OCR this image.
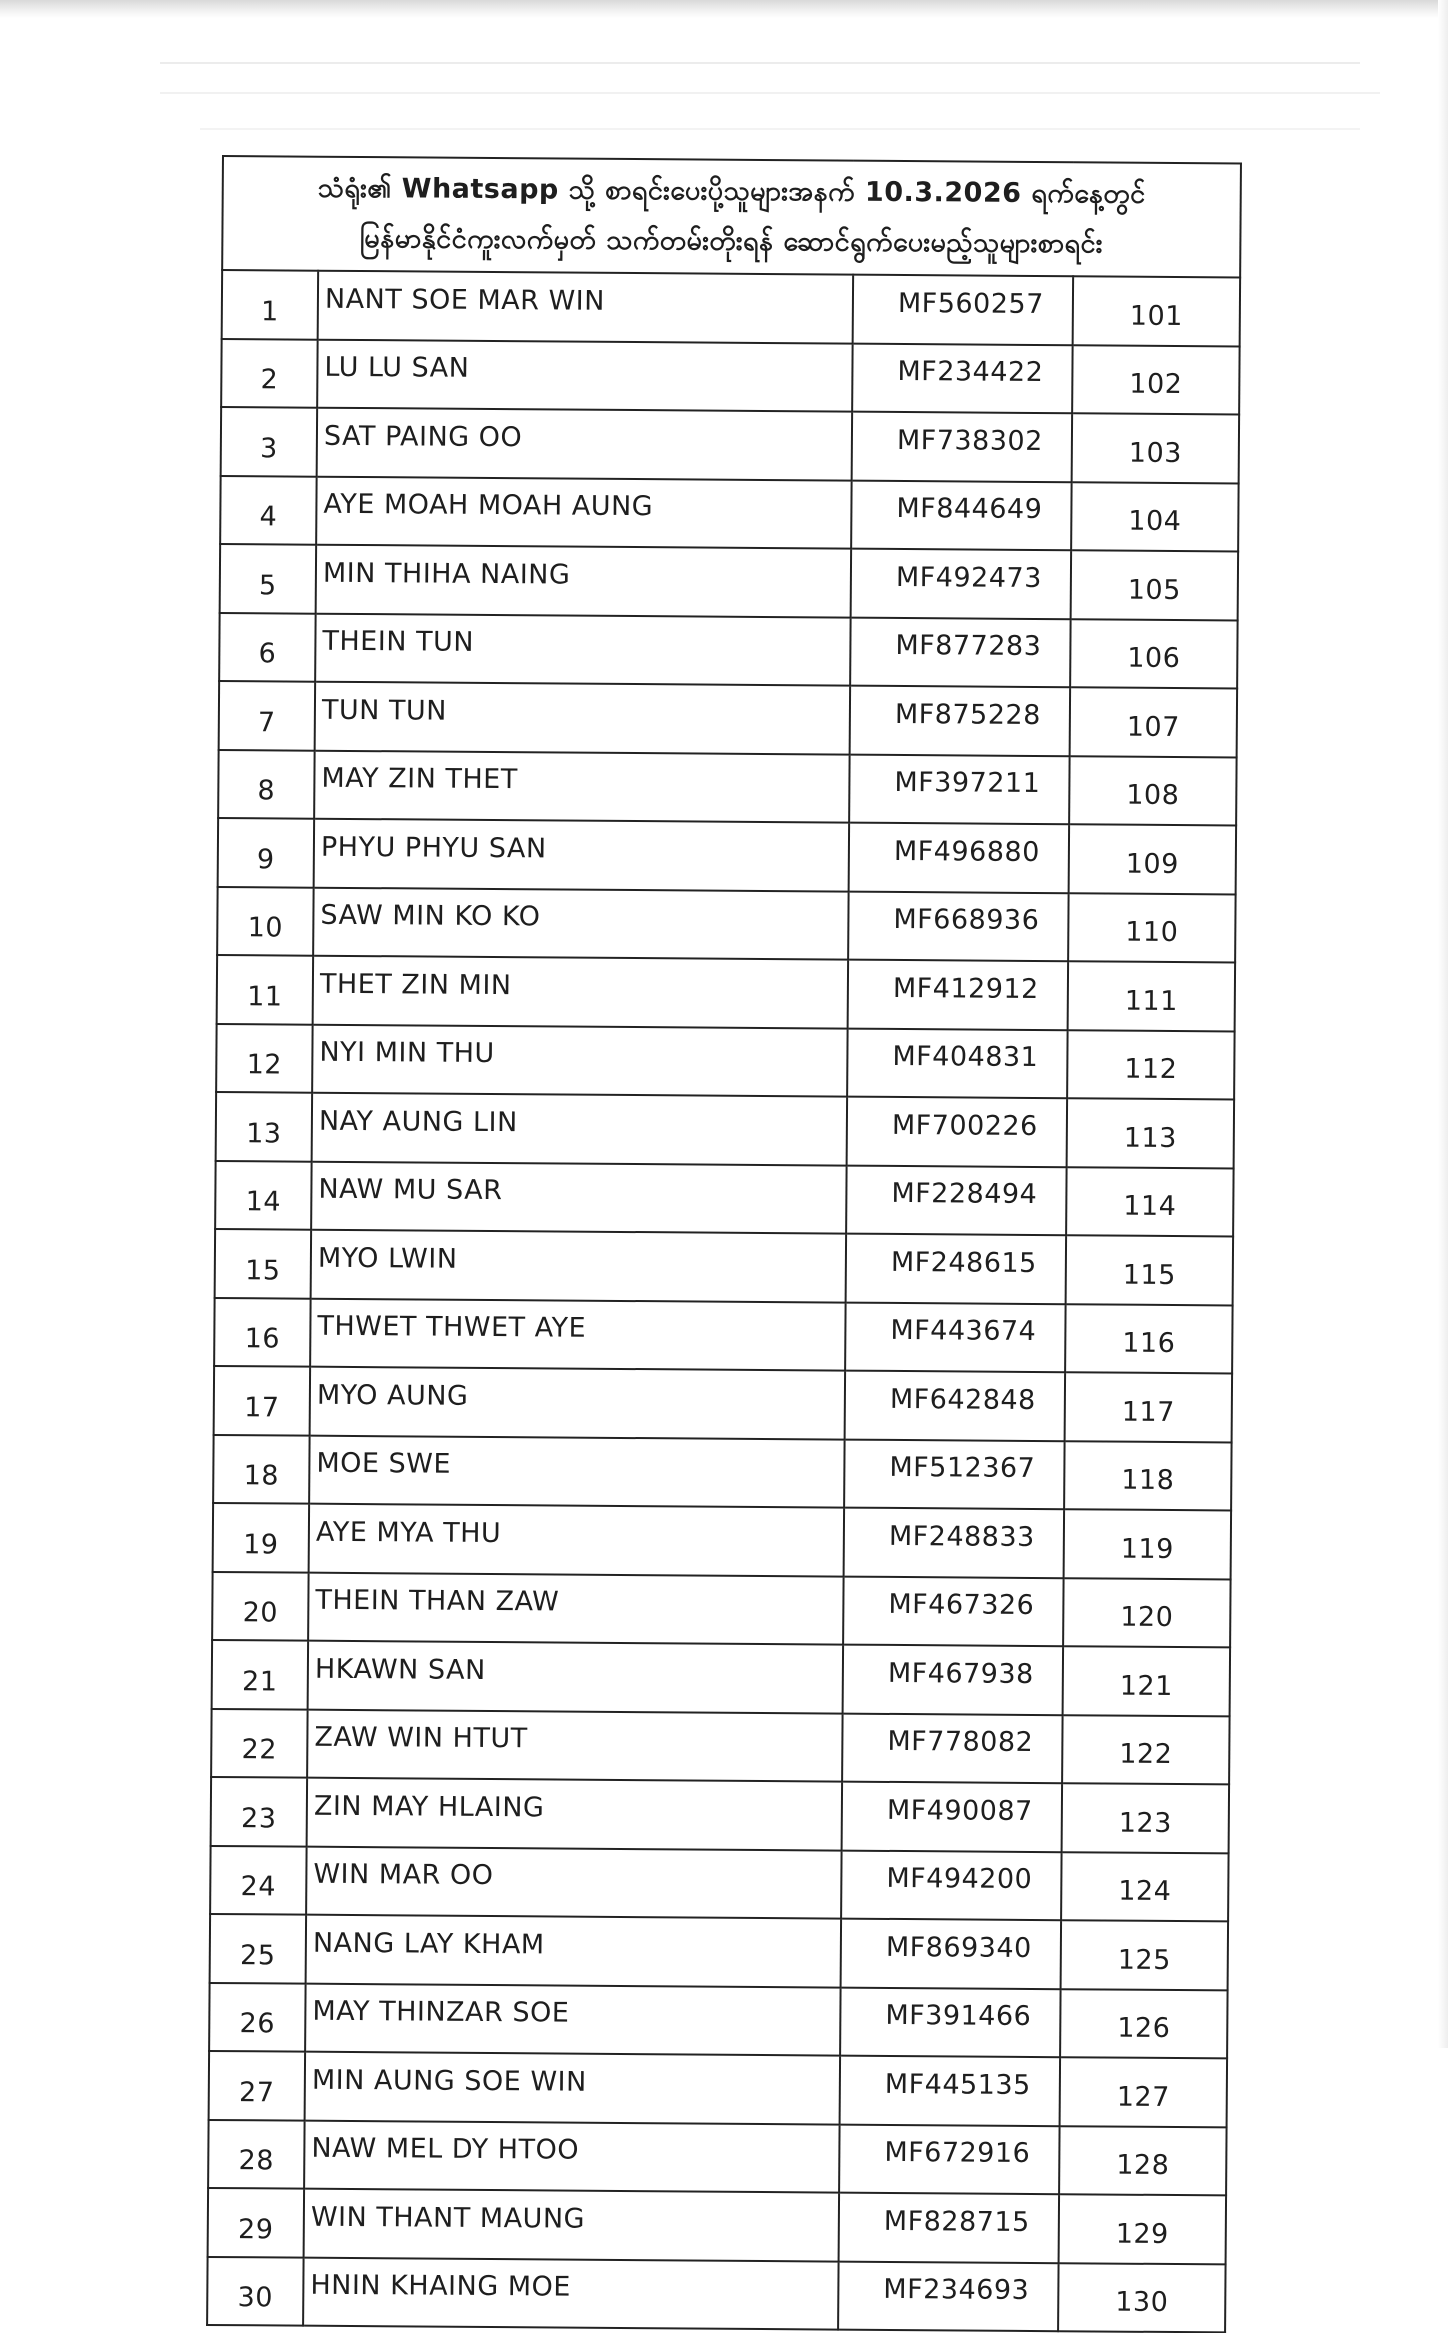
သံရုံး၏ Whatsapp သို့ စာရင်းပေးပို့သူများအနက် 10.3.2026 ရက်နေ့တွင်
မြန်မာနိုင်ငံကူးလက်မှတ် သက်တမ်းတိုးရန် ဆောင်ရွက်ပေးမည့်သူများစာရင်း			

1	NANT SOE MAR WIN	MF560257	101
2	LU LU SAN	MF234422	102
3	SAT PAING OO	MF738302	103
4	AYE MOAH MOAH AUNG	MF844649	104
5	MIN THIHA NAING	MF492473	105
6	THEIN TUN	MF877283	106
7	TUN TUN	MF875228	107
8	MAY ZIN THET	MF397211	108
9	PHYU PHYU SAN	MF496880	109
10	SAW MIN KO KO	MF668936	110
11	THET ZIN MIN	MF412912	111
12	NYI MIN THU	MF404831	112
13	NAY AUNG LIN	MF700226	113
14	NAW MU SAR	MF228494	114
15	MYO LWIN	MF248615	115
16	THWET THWET AYE	MF443674	116
17	MYO AUNG	MF642848	117
18	MOE SWE	MF512367	118
19	AYE MYA THU	MF248833	119
20	THEIN THAN ZAW	MF467326	120
21	HKAWN SAN	MF467938	121
22	ZAW WIN HTUT	MF778082	122
23	ZIN MAY HLAING	MF490087	123
24	WIN MAR OO	MF494200	124
25	NANG LAY KHAM	MF869340	125
26	MAY THINZAR SOE	MF391466	126
27	MIN AUNG SOE WIN	MF445135	127
28	NAW MEL DY HTOO	MF672916	128
29	WIN THANT MAUNG	MF828715	129
30	HNIN KHAING MOE	MF234693	130
